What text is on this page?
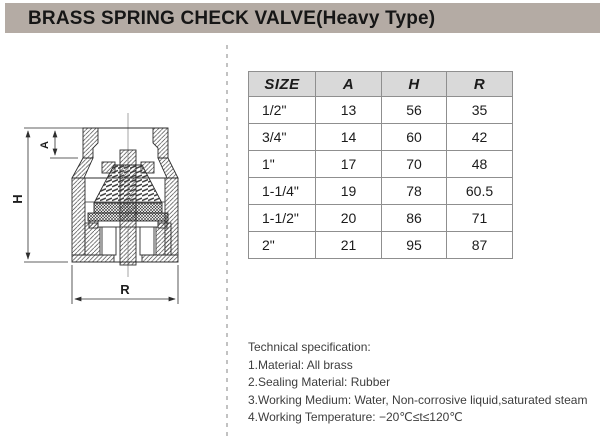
BRASS SPRING CHECK VALVE(Heavy Type)
H
A
R
SIZE	A	H	R
1/2"	13	56	35
3/4"	14	60	42
1"	17	70	48
1-1/4"	19	78	60.5
1-1/2"	20	86	71
2"	21	95	87
Technical specification:
1.Material: All brass
2.Sealing Material: Rubber
3.Working Medium: Water, Non-corrosive liquid,saturated steam
4.Working Temperature: −20℃≤t≤120℃
